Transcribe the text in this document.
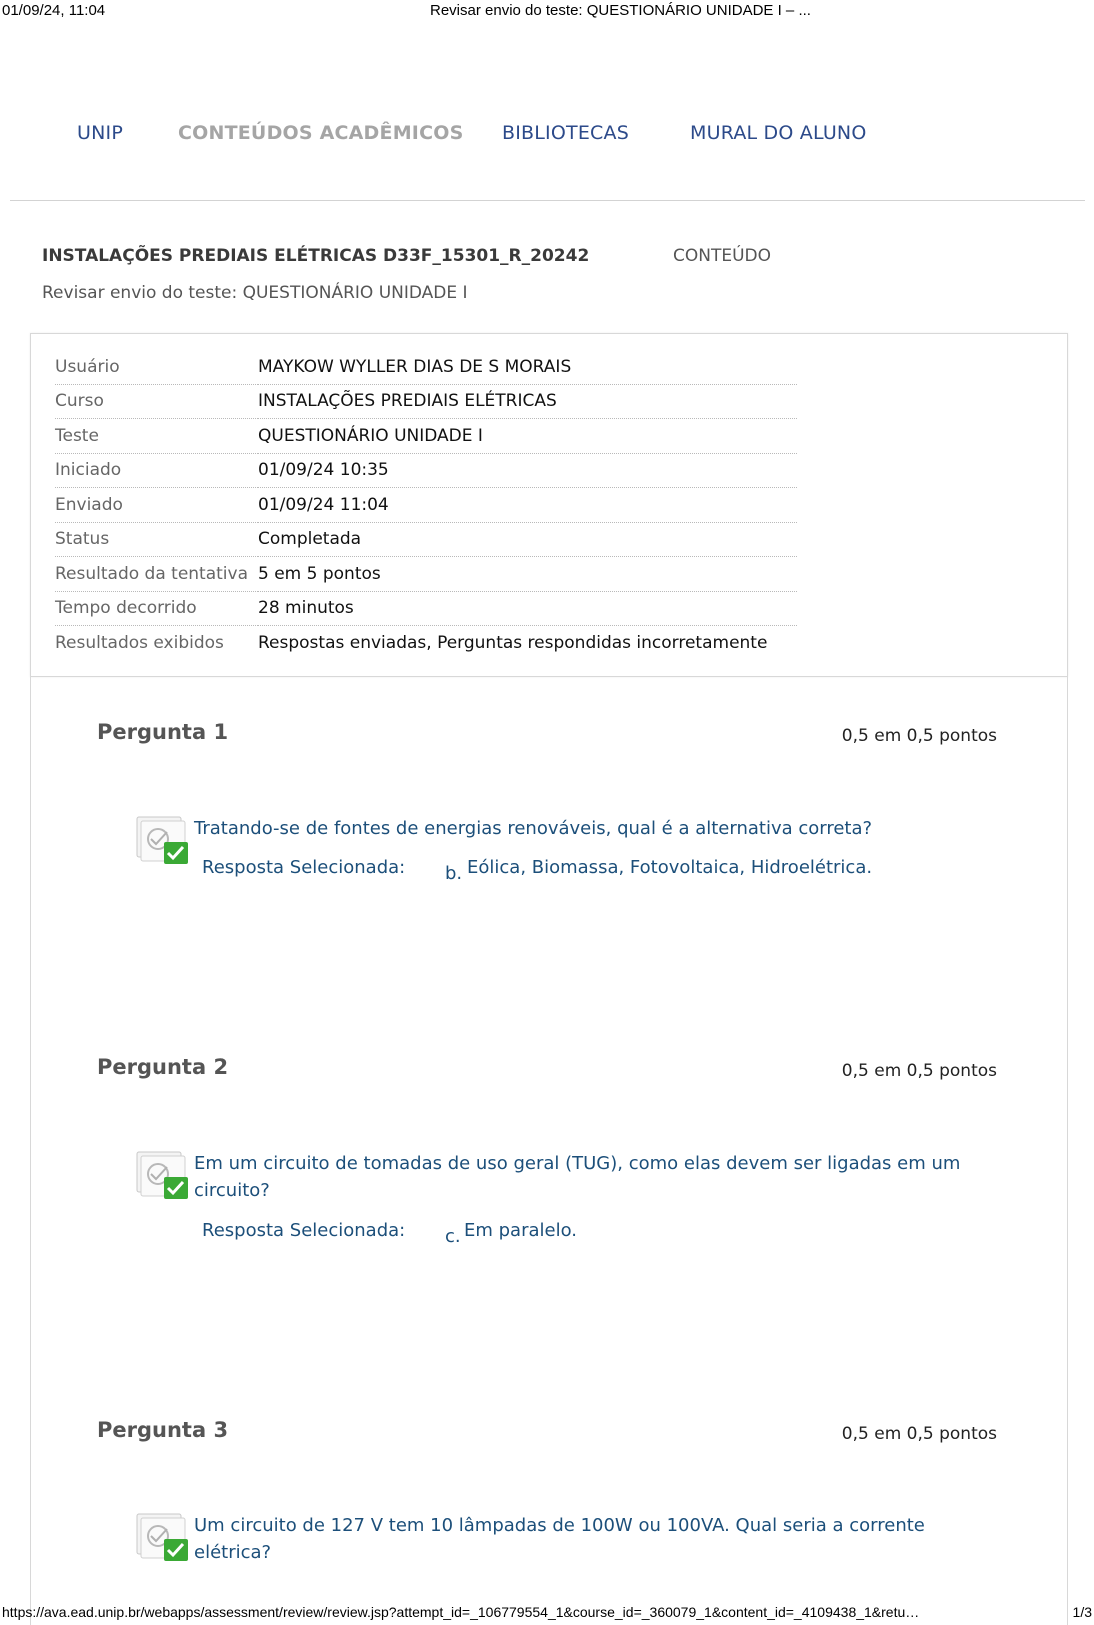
01/09/24, 11:04	Revisar envio do teste: QUESTIONÁRIO UNIDADE I – ...
UNIP	CONTEÚDOS ACADÊMICOS BIBLIOTECAS	MURAL DO ALUNO
INSTALAÇÕES PREDIAIS ELÉTRICAS D33F_15301_R_20242	CONTEÚDO
Revisar envio do teste: QUESTIONÁRIO UNIDADE I
Usuário	MAYKOW WYLLER DIAS DE S MORAIS
Curso	INSTALAÇÕES PREDIAIS ELÉTRICAS
Teste	QUESTIONÁRIO UNIDADE I
Iniciado	01/09/24 10:35
Enviado	01/09/24 11:04
Status	Completada
Resultado da tentativa	5 em 5 pontos
Tempo decorrido	28 minutos
Resultados exibidos	Respostas enviadas, Perguntas respondidas incorretamente
Pergunta 1	0,5 em 0,5 pontos
Tratando-se de fontes de energias renováveis, qual é a alternativa correta?
Resposta Selecionada: b. Eólica, Biomassa, Fotovoltaica, Hidroelétrica.
Pergunta 2	0,5 em 0,5 pontos
Em um circuito de tomadas de uso geral (TUG), como elas devem ser ligadas em um circuito?
Resposta Selecionada: c. Em paralelo.
Pergunta 3	0,5 em 0,5 pontos
Um circuito de 127 V tem 10 lâmpadas de 100W ou 100VA. Qual seria a corrente elétrica?
https://ava.ead.unip.br/webapps/assessment/review/review.jsp?attempt_id=_106779554_1&course_id=_360079_1&content_id=_4109438_1&retu…	1/3
